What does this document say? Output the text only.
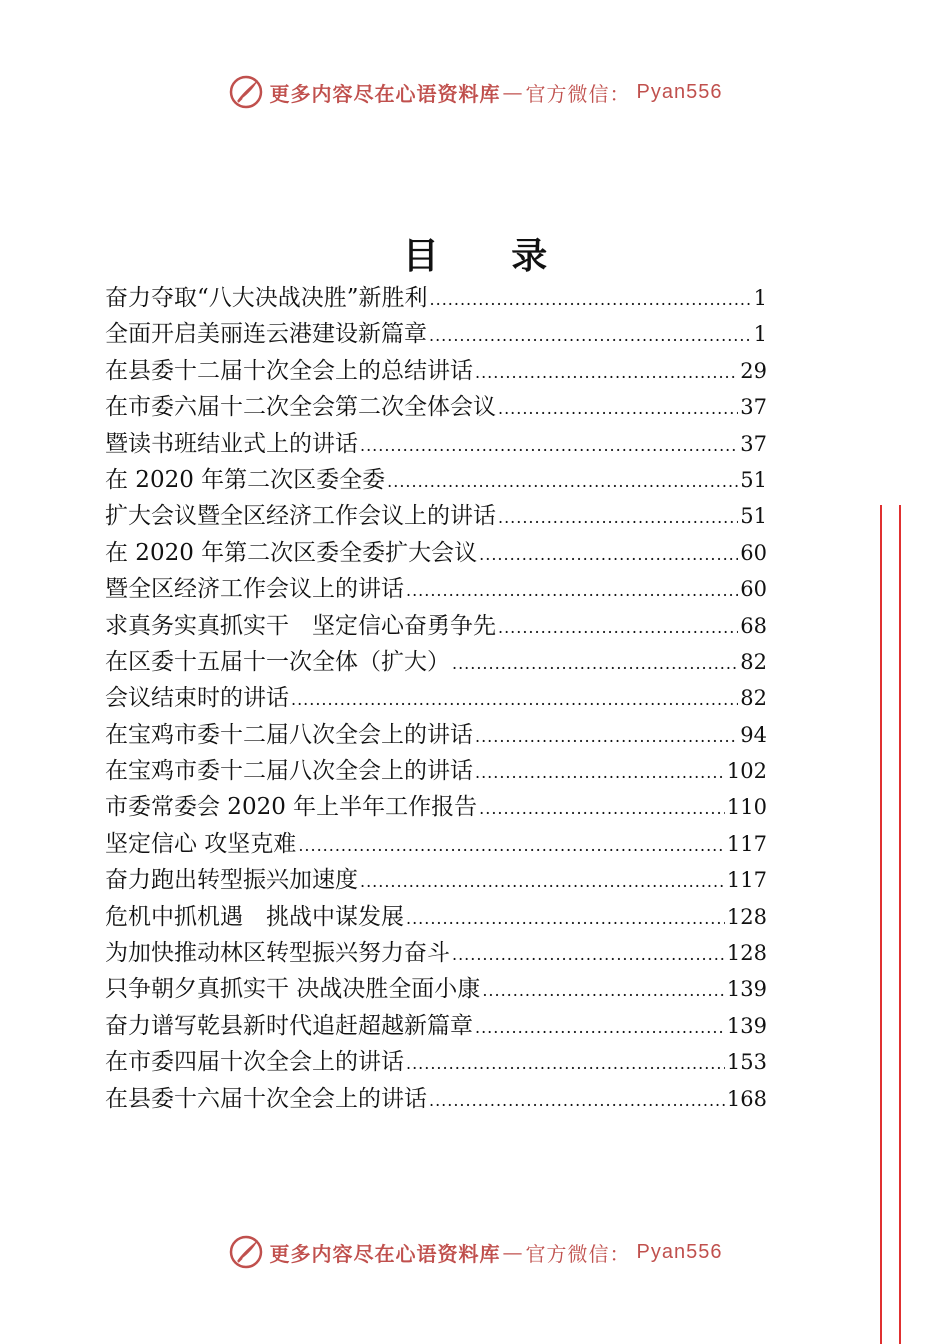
更多内容尽在心语资料库 — 官方微信： Pyan556
目 录
奋力夺取“八大决战决胜”新胜利 .....	1
全面开启美丽连云港建设新篇章 .....	1
在县委十二届十次全会上的总结讲话 .....	29
在市委六届十二次全会第二次全体会议 .....	37
暨读书班结业式上的讲话 .....	37
在 2020 年第二次区委全委 .....	51
扩大会议暨全区经济工作会议上的讲话 .....	51
在 2020 年第二次区委全委扩大会议 .....	60
暨全区经济工作会议上的讲话 .....	60
求真务实真抓实干　坚定信心奋勇争先 .....	68
在区委十五届十一次全体（扩大） .....	82
会议结束时的讲话 .....	82
在宝鸡市委十二届八次全会上的讲话 .....	94
在宝鸡市委十二届八次全会上的讲话 .....	102
市委常委会 2020 年上半年工作报告 .....	110
坚定信心 攻坚克难 .....	117
奋力跑出转型振兴加速度 .....	117
危机中抓机遇　挑战中谋发展 .....	128
为加快推动林区转型振兴努力奋斗 .....	128
只争朝夕真抓实干 决战决胜全面小康 .....	139
奋力谱写乾县新时代追赶超越新篇章 .....	139
在市委四届十次全会上的讲话 .....	153
在县委十六届十次全会上的讲话 .....	168
更多内容尽在心语资料库 — 官方微信： Pyan556
